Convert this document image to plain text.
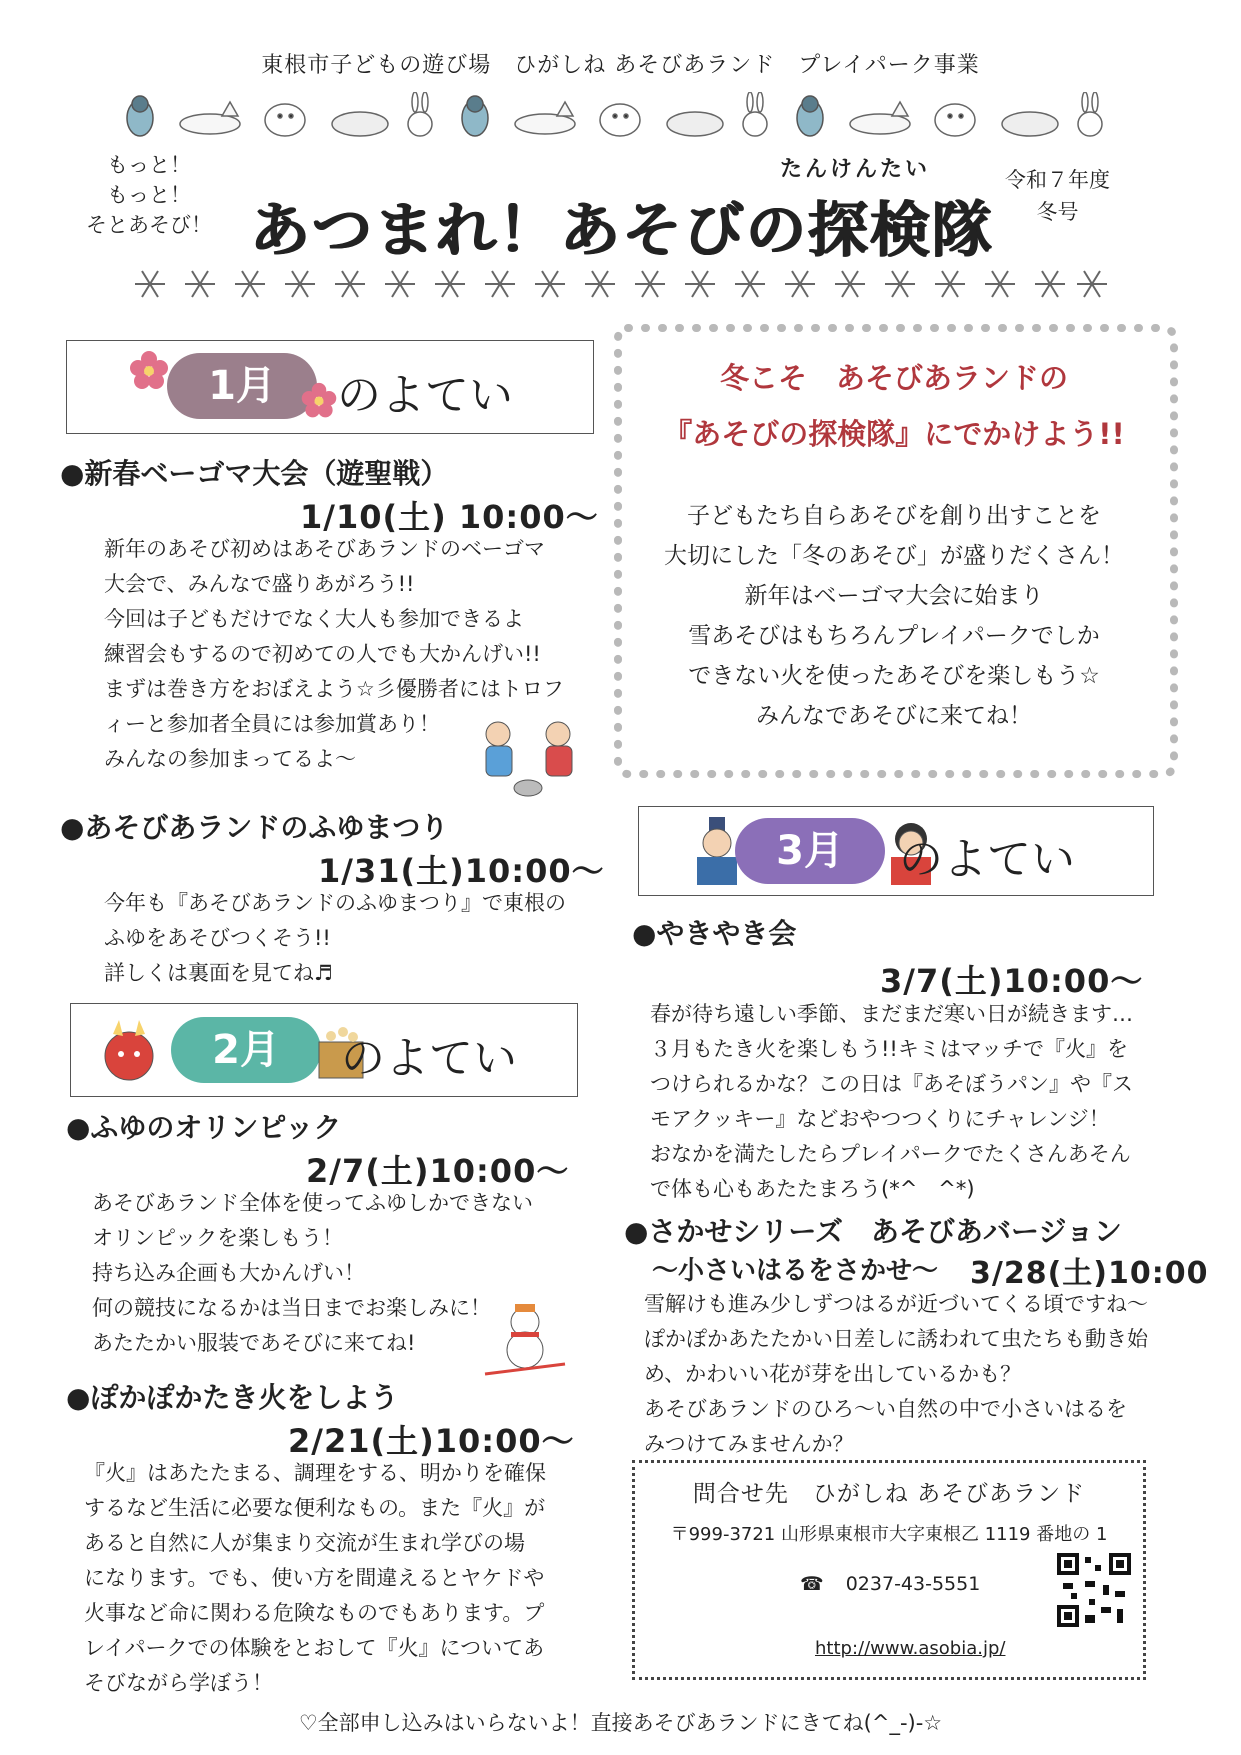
東根市子どもの遊び場　ひがしね あそびあランド　プレイパーク事業
もっと！
もっと！
そとあそび！
たんけんたい
あつまれ！あそびの探検隊
令和７年度
冬号
1月	のよてい
●新春ベーゴマ大会（遊聖戦）
1/10(土) 10:00～
新年のあそび初めはあそびあランドのベーゴマ
大会で、みんなで盛りあがろう!!
今回は子どもだけでなく大人も参加できるよ
練習会もするので初めての人でも大かんげい!!
まずは巻き方をおぼえよう☆彡優勝者にはトロフ
ィーと参加者全員には参加賞あり！
みんなの参加まってるよ～
●あそびあランドのふゆまつり
1/31(土)10:00～
今年も『あそびあランドのふゆまつり』で東根の
ふゆをあそびつくそう!!
詳しくは裏面を見てね♬
2月	のよてい
●ふゆのオリンピック
2/7(土)10:00～
あそびあランド全体を使ってふゆしかできない
オリンピックを楽しもう！
持ち込み企画も大かんげい！
何の競技になるかは当日までお楽しみに！
あたたかい服装であそびに来てね!
●ぽかぽかたき火をしよう
2/21(土)10:00～
『火』はあたたまる、調理をする、明かりを確保
するなど生活に必要な便利なもの。また『火』が
あると自然に人が集まり交流が生まれ学びの場
になります。でも、使い方を間違えるとヤケドや
火事など命に関わる危険なものでもあります。プ
レイパークでの体験をとおして『火』についてあ
そびながら学ぼう！
冬こそ　あそびあランドの
『あそびの探検隊』にでかけよう!!
子どもたち自らあそびを創り出すことを
大切にした「冬のあそび」が盛りだくさん！
新年はベーゴマ大会に始まり
雪あそびはもちろんプレイパークでしか
できない火を使ったあそびを楽しもう☆
みんなであそびに来てね！
3月	のよてい
●やきやき会
3/7(土)10:00～
春が待ち遠しい季節、まだまだ寒い日が続きます…
３月もたき火を楽しもう!!キミはマッチで『火』を
つけられるかな？この日は『あそぼうパン』や『ス
モアクッキー』などおやつつくりにチャレンジ！
おなかを満たしたらプレイパークでたくさんあそん
で体も心もあたたまろう(*^　^*)
●さかせシリーズ　あそびあバージョン
～小さいはるをさかせ～ 3/28(土)10:00
雪解けも進み少しずつはるが近づいてくる頃ですね～
ぽかぽかあたたかい日差しに誘われて虫たちも動き始
め、かわいい花が芽を出しているかも？
あそびあランドのひろ～い自然の中で小さいはるを
みつけてみませんか？
問合せ先　ひがしね あそびあランド
〒999-3721 山形県東根市大字東根乙 1119 番地の 1
☎ 0237-43-5551
http://www.asobia.jp/
♡全部申し込みはいらないよ！直接あそびあランドにきてね(^_-)-☆
